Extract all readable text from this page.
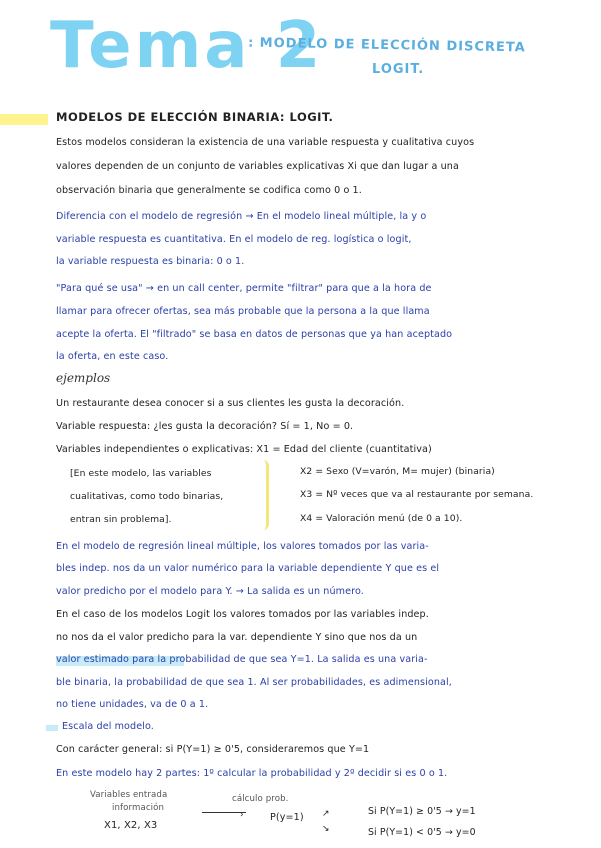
Tema 2
: MODELO DE ELECCIÓN DISCRETA
LOGIT.
MODELOS DE ELECCIÓN BINARIA: LOGIT.
Estos modelos consideran la existencia de una variable respuesta y cualitativa cuyos
valores dependen de un conjunto de variables explicativas Xi que dan lugar a una
observación binaria que generalmente se codifica como 0 o 1.
Diferencia con el modelo de regresión → En el modelo lineal múltiple, la y o
variable respuesta es cuantitativa. En el modelo de reg. logística o logit,
la variable respuesta es binaria: 0 o 1.
"Para qué se usa" → en un call center, permite "filtrar" para que a la hora de
llamar para ofrecer ofertas, sea más probable que la persona a la que llama
acepte la oferta. El "filtrado" se basa en datos de personas que ya han aceptado
la oferta, en este caso.
ejemplos
Un restaurante desea conocer si a sus clientes les gusta la decoración.
Variable respuesta: ¿les gusta la decoración? Sí = 1, No = 0.
Variables independientes o explicativas: X1 = Edad del cliente (cuantitativa)
[En este modelo, las variables
cualitativas, como todo binarias,
entran sin problema].
X2 = Sexo (V=varón, M= mujer) (binaria)
X3 = Nº veces que va al restaurante por semana.
X4 = Valoración menú (de 0 a 10).
En el modelo de regresión lineal múltiple, los valores tomados por las varia-
bles indep. nos da un valor numérico para la variable dependiente Y que es el
valor predicho por el modelo para Y. → La salida es un número.
En el caso de los modelos Logit los valores tomados por las variables indep.
no nos da el valor predicho para la var. dependiente Y sino que nos da un
valor estimado para la probabilidad de que sea Y=1. La salida es una varia-
ble binaria, la probabilidad de que sea 1. Al ser probabilidades, es adimensional,
no tiene unidades, va de 0 a 1.
Escala del modelo.
Con carácter general: si P(Y=1) ≥ 0'5, consideraremos que Y=1
En este modelo hay 2 partes: 1º calcular la probabilidad y 2º decidir si es 0 o 1.
Variables entrada
información
X1, X2, X3
cálculo prob.
›	P(y=1) ↗
↘
Si P(Y=1) ≥ 0'5 → y=1
Si P(Y=1) < 0'5 → y=0
